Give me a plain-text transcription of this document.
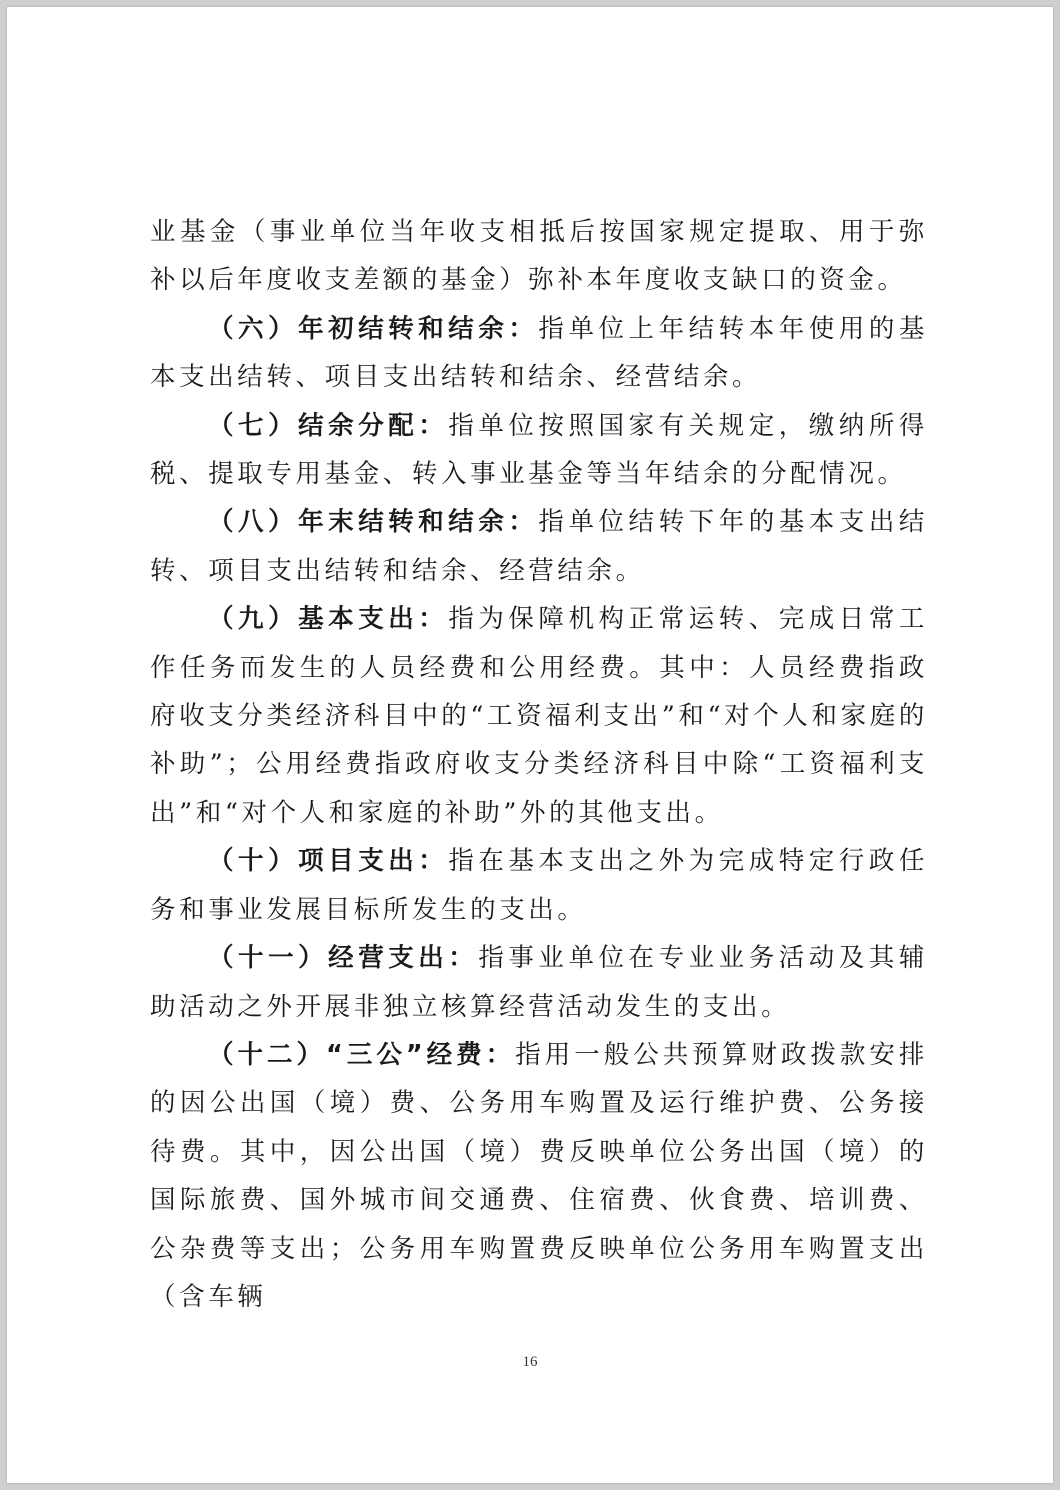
业基金（事业单位当年收支相抵后按国家规定提取、用于弥补以后年度收支差额的基金）弥补本年度收支缺口的资金。

（六）年初结转和结余：指单位上年结转本年使用的基本支出结转、项目支出结转和结余、经营结余。

（七）结余分配：指单位按照国家有关规定，缴纳所得税、提取专用基金、转入事业基金等当年结余的分配情况。

（八）年末结转和结余：指单位结转下年的基本支出结转、项目支出结转和结余、经营结余。

（九）基本支出：指为保障机构正常运转、完成日常工作任务而发生的人员经费和公用经费。其中：人员经费指政府收支分类经济科目中的“工资福利支出”和“对个人和家庭的补助”；公用经费指政府收支分类经济科目中除“工资福利支出”和“对个人和家庭的补助”外的其他支出。

（十）项目支出：指在基本支出之外为完成特定行政任务和事业发展目标所发生的支出。

（十一）经营支出：指事业单位在专业业务活动及其辅助活动之外开展非独立核算经营活动发生的支出。

（十二）“三公”经费：指用一般公共预算财政拨款安排的因公出国（境）费、公务用车购置及运行维护费、公务接待费。其中，因公出国（境）费反映单位公务出国（境）的国际旅费、国外城市间交通费、住宿费、伙食费、培训费、公杂费等支出；公务用车购置费反映单位公务用车购置支出（含车辆

16
